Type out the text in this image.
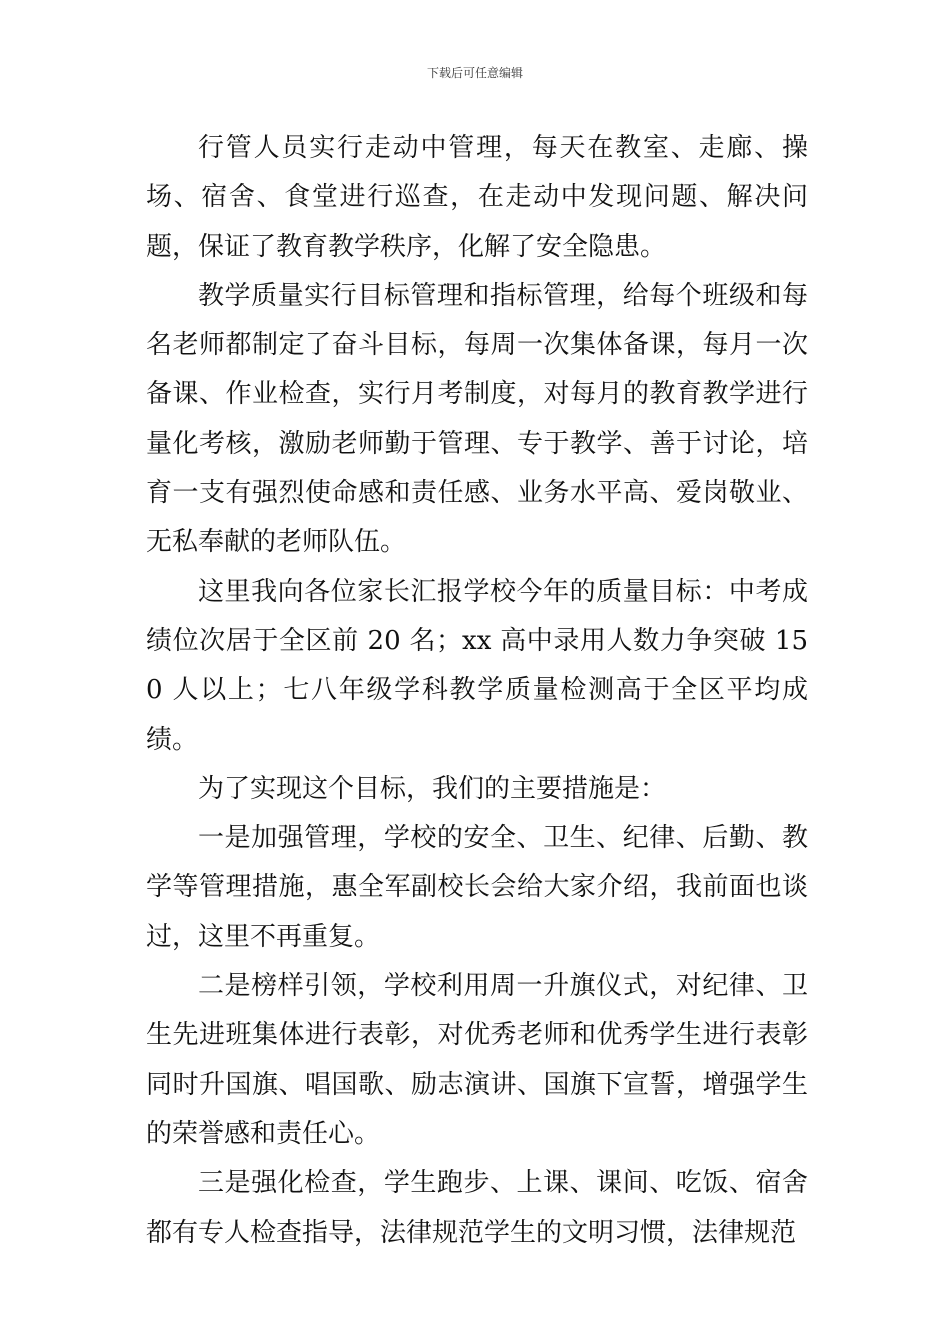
下载后可任意编辑

行管人员实行走动中管理，每天在教室、走廊、操场、宿舍、食堂进行巡查，在走动中发现问题、解决问题，保证了教育教学秩序，化解了安全隐患。

教学质量实行目标管理和指标管理，给每个班级和每名老师都制定了奋斗目标，每周一次集体备课，每月一次备课、作业检查，实行月考制度，对每月的教育教学进行量化考核，激励老师勤于管理、专于教学、善于讨论，培育一支有强烈使命感和责任感、业务水平高、爱岗敬业、无私奉献的老师队伍。

这里我向各位家长汇报学校今年的质量目标：中考成绩位次居于全区前 20 名；xx 高中录用人数力争突破 150 人以上；七八年级学科教学质量检测高于全区平均成绩。

为了实现这个目标，我们的主要措施是：

一是加强管理，学校的安全、卫生、纪律、后勤、教学等管理措施，惠全军副校长会给大家介绍，我前面也谈过，这里不再重复。

二是榜样引领，学校利用周一升旗仪式，对纪律、卫生先进班集体进行表彰，对优秀老师和优秀学生进行表彰同时升国旗、唱国歌、励志演讲、国旗下宣誓，增强学生的荣誉感和责任心。

三是强化检查，学生跑步、上课、课间、吃饭、宿舍都有专人检查指导，法律规范学生的文明习惯，法律规范
